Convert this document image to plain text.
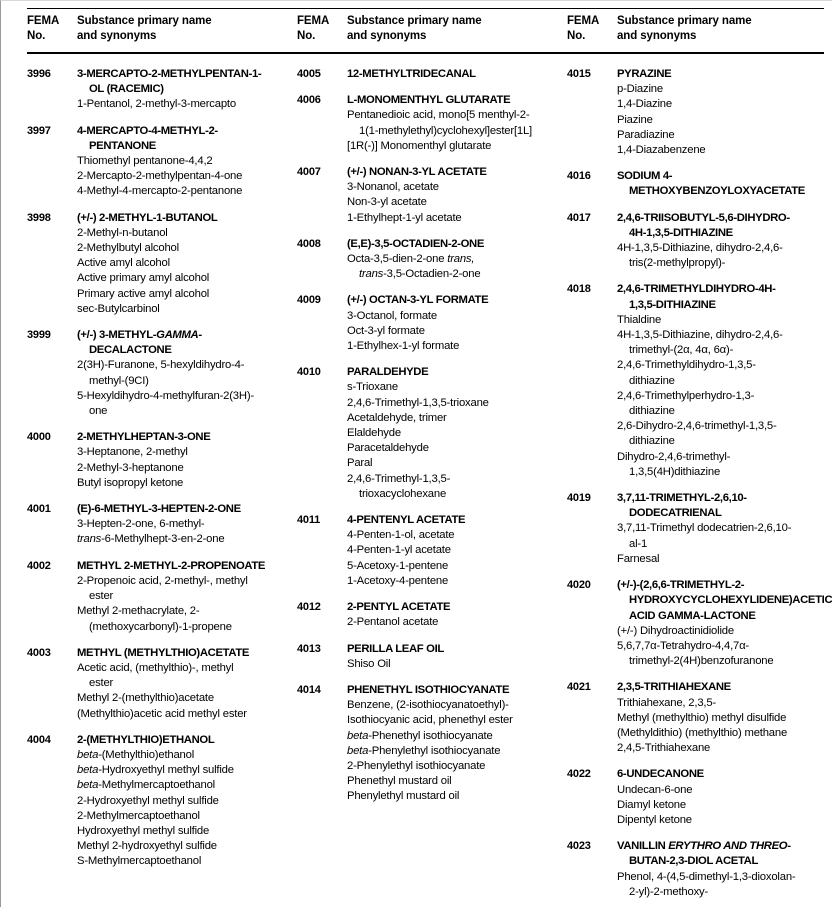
FEMA
No.
Substance primary name
and synonyms
3996	3-MERCAPTO-2-METHYLPENTAN-1-
OL (RACEMIC)
1-Pentanol, 2-methyl-3-mercapto
3997	4-MERCAPTO-4-METHYL-2-
PENTANONE
Thiomethyl pentanone-4,4,2
2-Mercapto-2-methylpentan-4-one
4-Methyl-4-mercapto-2-pentanone
3998	(+/-) 2-METHYL-1-BUTANOL
2-Methyl-n-butanol
2-Methylbutyl alcohol
Active amyl alcohol
Active primary amyl alcohol
Primary active amyl alcohol
sec-Butylcarbinol
3999	(+/-) 3-METHYL-GAMMA-
DECALACTONE
2(3H)-Furanone, 5-hexyldihydro-4-
methyl-(9CI)
5-Hexyldihydro-4-methylfuran-2(3H)-
one
4000	2-METHYLHEPTAN-3-ONE
3-Heptanone, 2-methyl
2-Methyl-3-heptanone
Butyl isopropyl ketone
4001	(E)-6-METHYL-3-HEPTEN-2-ONE
3-Hepten-2-one, 6-methyl-
trans-6-Methylhept-3-en-2-one
4002	METHYL 2-METHYL-2-PROPENOATE
2-Propenoic acid, 2-methyl-, methyl
ester
Methyl 2-methacrylate, 2-
(methoxycarbonyl)-1-propene
4003	METHYL (METHYLTHIO)ACETATE
Acetic acid, (methylthio)-, methyl
ester
Methyl 2-(methylthio)acetate
(Methylthio)acetic acid methyl ester
4004	2-(METHYLTHIO)ETHANOL
beta-(Methylthio)ethanol
beta-Hydroxyethyl methyl sulfide
beta-Methylmercaptoethanol
2-Hydroxyethyl methyl sulfide
2-Methylmercaptoethanol
Hydroxyethyl methyl sulfide
Methyl 2-hydroxyethyl sulfide
S-Methylmercaptoethanol
FEMA
No.
Substance primary name
and synonyms
4005	12-METHYLTRIDECANAL
4006	L-MONOMENTHYL GLUTARATE
Pentanedioic acid, mono[5 menthyl-2-
1(1-methylethyl)cyclohexyl]ester[1L]
[1R(-)] Monomenthyl glutarate
4007	(+/-) NONAN-3-YL ACETATE
3-Nonanol, acetate
Non-3-yl acetate
1-Ethylhept-1-yl acetate
4008	(E,E)-3,5-OCTADIEN-2-ONE
Octa-3,5-dien-2-one trans,
trans-3,5-Octadien-2-one
4009	(+/-) OCTAN-3-YL FORMATE
3-Octanol, formate
Oct-3-yl formate
1-Ethylhex-1-yl formate
4010	PARALDEHYDE
s-Trioxane
2,4,6-Trimethyl-1,3,5-trioxane
Acetaldehyde, trimer
Elaldehyde
Paracetaldehyde
Paral
2,4,6-Trimethyl-1,3,5-
trioxacyclohexane
4011	4-PENTENYL ACETATE
4-Penten-1-ol, acetate
4-Penten-1-yl acetate
5-Acetoxy-1-pentene
1-Acetoxy-4-pentene
4012	2-PENTYL ACETATE
2-Pentanol acetate
4013	PERILLA LEAF OIL
Shiso Oil
4014	PHENETHYL ISOTHIOCYANATE
Benzene, (2-isothiocyanatoethyl)-
Isothiocyanic acid, phenethyl ester
beta-Phenethyl isothiocyanate
beta-Phenylethyl isothiocyanate
2-Phenylethyl isothiocyanate
Phenethyl mustard oil
Phenylethyl mustard oil
FEMA
No.
Substance primary name
and synonyms
4015	PYRAZINE
p-Diazine
1,4-Diazine
Piazine
Paradiazine
1,4-Diazabenzene
4016	SODIUM 4-
METHOXYBENZOYLOXYACETATE
4017	2,4,6-TRIISOBUTYL-5,6-DIHYDRO-
4H-1,3,5-DITHIAZINE
4H-1,3,5-Dithiazine, dihydro-2,4,6-
tris(2-methylpropyl)-
4018	2,4,6-TRIMETHYLDIHYDRO-4H-
1,3,5-DITHIAZINE
Thialdine
4H-1,3,5-Dithiazine, dihydro-2,4,6-
trimethyl-(2α, 4α, 6α)-
2,4,6-Trimethyldihydro-1,3,5-
dithiazine
2,4,6-Trimethylperhydro-1,3-
dithiazine
2,6-Dihydro-2,4,6-trimethyl-1,3,5-
dithiazine
Dihydro-2,4,6-trimethyl-
1,3,5(4H)dithiazine
4019	3,7,11-TRIMETHYL-2,6,10-
DODECATRIENAL
3,7,11-Trimethyl dodecatrien-2,6,10-
al-1
Farnesal
4020	(+/-)-(2,6,6-TRIMETHYL-2-
HYDROXYCYCLOHEXYLIDENE)ACETIC
ACID GAMMA-LACTONE
(+/-) Dihydroactinidiolide
5,6,7,7α-Tetrahydro-4,4,7α-
trimethyl-2(4H)benzofuranone
4021	2,3,5-TRITHIAHEXANE
Trithiahexane, 2,3,5-
Methyl (methylthio) methyl disulfide
(Methyldithio) (methylthio) methane
2,4,5-Trithiahexane
4022	6-UNDECANONE
Undecan-6-one
Diamyl ketone
Dipentyl ketone
4023	VANILLIN ERYTHRO AND THREO-
BUTAN-2,3-DIOL ACETAL
Phenol, 4-(4,5-dimethyl-1,3-dioxolan-
2-yl)-2-methoxy-
